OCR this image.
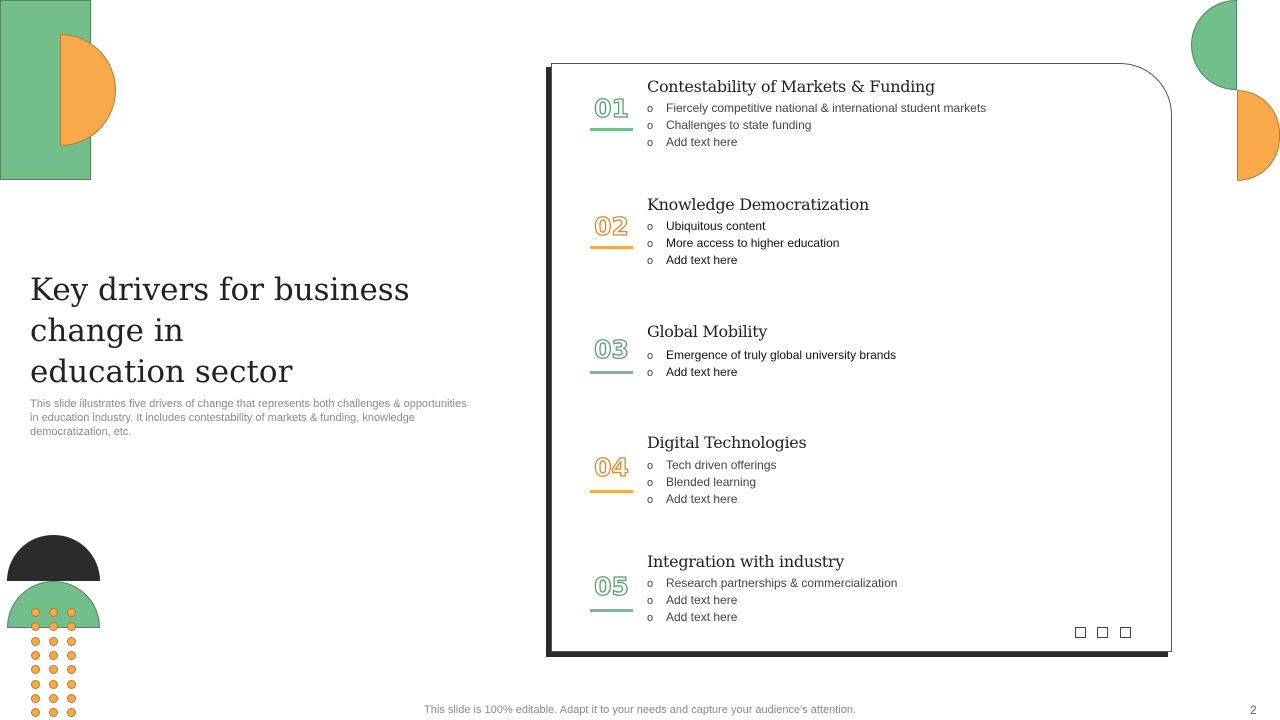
Key drivers for business
change in
education sector

This slide illustrates five drivers of change that represents both challenges & opportunities in education industry. It includes contestability of markets & funding, knowledge democratization, etc.

01
Contestability of Markets & Funding
o Fiercely competitive national & international student markets
o Challenges to state funding
o Add text here
02
Knowledge Democratization
o Ubiquitous content
o More access to higher education
o Add text here
03
Global Mobility
o Emergence of truly global university brands
o Add text here
04
Digital Technologies
o Tech driven offerings
o Blended learning
o Add text here
05
Integration with industry
o Research partnerships & commercialization
o Add text here
o Add text here
This slide is 100% editable. Adapt it to your needs and capture your audience's attention.	2
